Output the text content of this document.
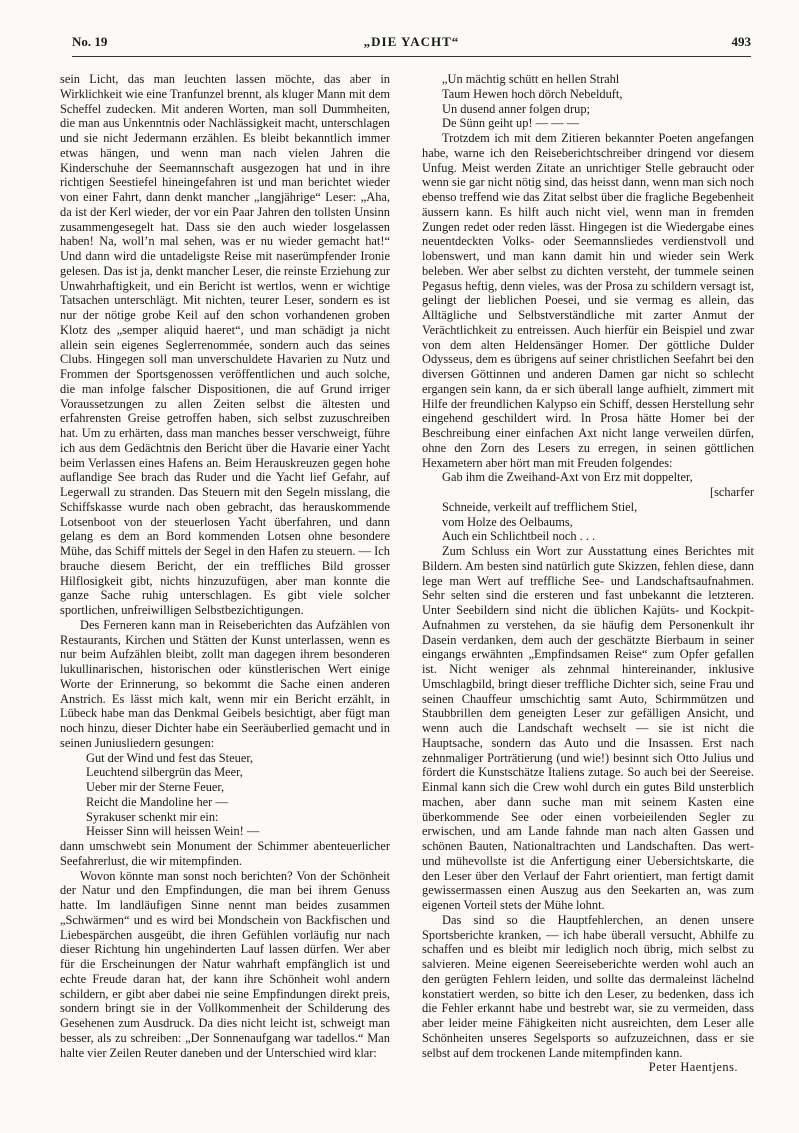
No. 19	„DIE YACHT“	493

sein Licht, das man leuchten lassen möchte, das aber in Wirklichkeit wie eine Tranfunzel brennt, als kluger Mann mit dem Scheffel zudecken. Mit anderen Worten, man soll Dummheiten, die man aus Unkenntnis oder Nachlässigkeit macht, unterschlagen und sie nicht Jedermann erzählen. Es bleibt bekanntlich immer etwas hängen, und wenn man nach vielen Jahren die Kinderschuhe der Seemannschaft ausgezogen hat und in ihre richtigen Seestiefel hineingefahren ist und man berichtet wieder von einer Fahrt, dann denkt mancher „langjährige“ Leser: „Aha, da ist der Kerl wieder, der vor ein Paar Jahren den tollsten Unsinn zusammengesegelt hat. Dass sie den auch wieder losgelassen haben! Na, woll’n mal sehen, was er nu wieder gemacht hat!“ Und dann wird die untadeligste Reise mit naserümpfender Ironie gelesen. Das ist ja, denkt mancher Leser, die reinste Erziehung zur Unwahrhaftigkeit, und ein Bericht ist wertlos, wenn er wichtige Tatsachen unterschlägt. Mit nichten, teurer Leser, sondern es ist nur der nötige grobe Keil auf den schon vorhandenen groben Klotz des „semper aliquid haeret“, und man schädigt ja nicht allein sein eigenes Seglerrenommée, sondern auch das seines Clubs. Hingegen soll man unverschuldete Havarien zu Nutz und Frommen der Sportsgenossen veröffentlichen und auch solche, die man infolge falscher Dispositionen, die auf Grund irriger Voraussetzungen zu allen Zeiten selbst die ältesten und erfahrensten Greise getroffen haben, sich selbst zuzuschreiben hat. Um zu erhärten, dass man manches besser verschweigt, führe ich aus dem Gedächtnis den Bericht über die Havarie einer Yacht beim Verlassen eines Hafens an. Beim Herauskreuzen gegen hohe auflandige See brach das Ruder und die Yacht lief Gefahr, auf Legerwall zu stranden. Das Steuern mit den Segeln misslang, die Schiffskasse wurde nach oben gebracht, das herauskommende Lotsenboot von der steuerlosen Yacht überfahren, und dann gelang es dem an Bord kommenden Lotsen ohne besondere Mühe, das Schiff mittels der Segel in den Hafen zu steuern. — Ich brauche diesem Bericht, der ein treffliches Bild grosser Hilflosigkeit gibt, nichts hinzuzufügen, aber man konnte die ganze Sache ruhig unterschlagen. Es gibt viele solcher sportlichen, unfreiwilligen Selbstbezichtigungen.

Des Ferneren kann man in Reiseberichten das Aufzählen von Restaurants, Kirchen und Stätten der Kunst unterlassen, wenn es nur beim Aufzählen bleibt, zollt man dagegen ihrem besonderen lukullinarischen, historischen oder künstlerischen Wert einige Worte der Erinnerung, so bekommt die Sache einen anderen Anstrich. Es lässt mich kalt, wenn mir ein Bericht erzählt, in Lübeck habe man das Denkmal Geibels besichtigt, aber fügt man noch hinzu, dieser Dichter habe ein Seeräuberlied gemacht und in seinen Juniusliedern gesungen:

Gut der Wind und fest das Steuer,
Leuchtend silbergrün das Meer,
Ueber mir der Sterne Feuer,
Reicht die Mandoline her —
Syrakuser schenkt mir ein:
Heisser Sinn will heissen Wein! —

dann umschwebt sein Monument der Schimmer abenteuerlicher Seefahrerlust, die wir mitempfinden.

Wovon könnte man sonst noch berichten? Von der Schönheit der Natur und den Empfindungen, die man bei ihrem Genuss hatte. Im landläufigen Sinne nennt man beides zusammen „Schwärmen“ und es wird bei Mondschein von Backfischen und Liebespärchen ausgeübt, die ihren Gefühlen vorläufig nur nach dieser Richtung hin ungehinderten Lauf lassen dürfen. Wer aber für die Erscheinungen der Natur wahrhaft empfänglich ist und echte Freude daran hat, der kann ihre Schönheit wohl andern schildern, er gibt aber dabei nie seine Empfindungen direkt preis, sondern bringt sie in der Vollkommenheit der Schilderung des Gesehenen zum Ausdruck. Da dies nicht leicht ist, schweigt man besser, als zu schreiben: „Der Sonnenaufgang war tadellos.“ Man halte vier Zeilen Reuter daneben und der Unterschied wird klar:

„Un mächtig schütt en hellen Strahl
Taum Hewen hoch dörch Nebelduft,
Un dusend anner folgen drup;
De Sünn geiht up! — — —

Trotzdem ich mit dem Zitieren bekannter Poeten angefangen habe, warne ich den Reiseberichtschreiber dringend vor diesem Unfug. Meist werden Zitate an unrichtiger Stelle gebraucht oder wenn sie gar nicht nötig sind, das heisst dann, wenn man sich noch ebenso treffend wie das Zitat selbst über die fragliche Begebenheit äussern kann. Es hilft auch nicht viel, wenn man in fremden Zungen redet oder reden lässt. Hingegen ist die Wiedergabe eines neuentdeckten Volks- oder Seemannsliedes verdienstvoll und lobenswert, und man kann damit hin und wieder sein Werk beleben. Wer aber selbst zu dichten versteht, der tummele seinen Pegasus heftig, denn vieles, was der Prosa zu schildern versagt ist, gelingt der lieblichen Poesei, und sie vermag es allein, das Alltägliche und Selbstverständliche mit zarter Anmut der Verächtlichkeit zu entreissen. Auch hierfür ein Beispiel und zwar von dem alten Heldensänger Homer. Der göttliche Dulder Odysseus, dem es übrigens auf seiner christlichen Seefahrt bei den diversen Göttinnen und anderen Damen gar nicht so schlecht ergangen sein kann, da er sich überall lange aufhielt, zimmert mit Hilfe der freundlichen Kalypso ein Schiff, dessen Herstellung sehr eingehend geschildert wird. In Prosa hätte Homer bei der Beschreibung einer einfachen Axt nicht lange verweilen dürfen, ohne den Zorn des Lesers zu erregen, in seinen göttlichen Hexametern aber hört man mit Freuden folgendes:

Gab ihm die Zweihand-Axt von Erz mit doppelter,
[scharfer
Schneide, verkeilt auf trefflichem Stiel,
vom Holze des Oelbaums,
Auch ein Schlichtbeil noch . . .

Zum Schluss ein Wort zur Ausstattung eines Berichtes mit Bildern. Am besten sind natürlich gute Skizzen, fehlen diese, dann lege man Wert auf treffliche See- und Landschaftsaufnahmen. Sehr selten sind die ersteren und fast unbekannt die letzteren. Unter Seebildern sind nicht die üblichen Kajüts- und Kockpit-Aufnahmen zu verstehen, da sie häufig dem Personenkult ihr Dasein verdanken, dem auch der geschätzte Bierbaum in seiner eingangs erwähnten „Empfindsamen Reise“ zum Opfer gefallen ist. Nicht weniger als zehnmal hintereinander, inklusive Umschlagbild, bringt dieser treffliche Dichter sich, seine Frau und seinen Chauffeur umschichtig samt Auto, Schirmmützen und Staubbrillen dem geneigten Leser zur gefälligen Ansicht, und wenn auch die Landschaft wechselt — sie ist nicht die Hauptsache, sondern das Auto und die Insassen. Erst nach zehnmaliger Porträtierung (und wie!) besinnt sich Otto Julius und fördert die Kunstschätze Italiens zutage. So auch bei der Seereise. Einmal kann sich die Crew wohl durch ein gutes Bild unsterblich machen, aber dann suche man mit seinem Kasten eine überkommende See oder einen vorbeieilenden Segler zu erwischen, und am Lande fahnde man nach alten Gassen und schönen Bauten, Nationaltrachten und Landschaften. Das wert- und mühevollste ist die Anfertigung einer Uebersichtskarte, die den Leser über den Verlauf der Fahrt orientiert, man fertigt damit gewissermassen einen Auszug aus den Seekarten an, was zum eigenen Vorteil stets der Mühe lohnt.

Das sind so die Hauptfehlerchen, an denen unsere Sportsberichte kranken, — ich habe überall versucht, Abhilfe zu schaffen und es bleibt mir lediglich noch übrig, mich selbst zu salvieren. Meine eigenen Seereiseberichte werden wohl auch an den gerügten Fehlern leiden, und sollte das dermaleinst lächelnd konstatiert werden, so bitte ich den Leser, zu bedenken, dass ich die Fehler erkannt habe und bestrebt war, sie zu vermeiden, dass aber leider meine Fähigkeiten nicht ausreichten, dem Leser alle Schönheiten unseres Segelsports so aufzuzeichnen, dass er sie selbst auf dem trockenen Lande mitempfinden kann.

Peter Haentjens.
